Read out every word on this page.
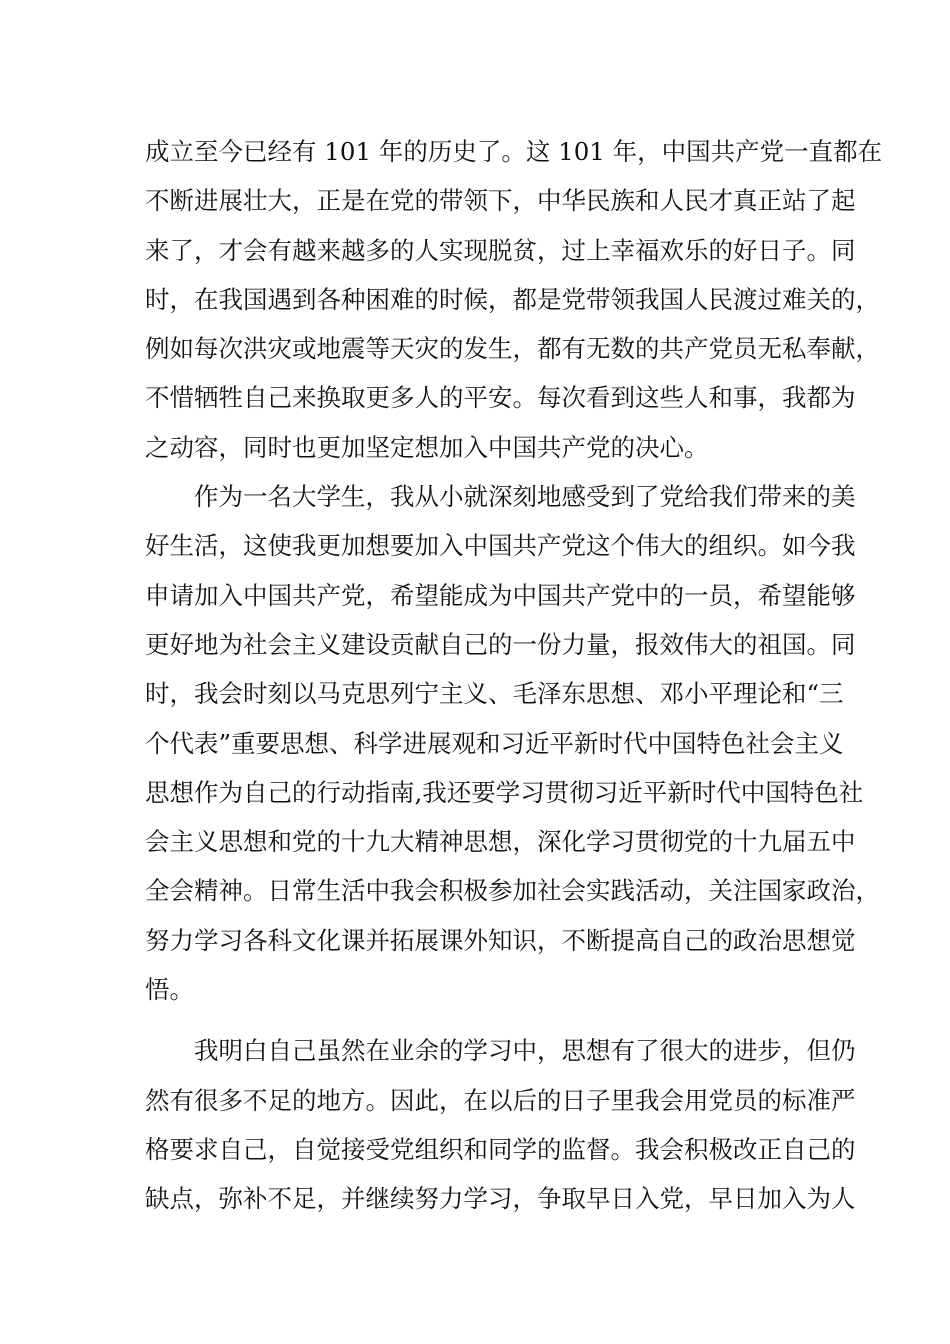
成立至今已经有 101 年的历史了。这 101 年，中国共产党一直都在
不断进展壮大，正是在党的带领下，中华民族和人民才真正站了起
来了，才会有越来越多的人实现脱贫，过上幸福欢乐的好日子。同
时，在我国遇到各种困难的时候，都是党带领我国人民渡过难关的，
例如每次洪灾或地震等天灾的发生，都有无数的共产党员无私奉献，
不惜牺牲自己来换取更多人的平安。每次看到这些人和事，我都为
之动容，同时也更加坚定想加入中国共产党的决心。
　　作为一名大学生，我从小就深刻地感受到了党给我们带来的美
好生活，这使我更加想要加入中国共产党这个伟大的组织。如今我
申请加入中国共产党，希望能成为中国共产党中的一员，希望能够
更好地为社会主义建设贡献自己的一份力量，报效伟大的祖国。同
时，我会时刻以马克思列宁主义、毛泽东思想、邓小平理论和“三
个代表”重要思想、科学进展观和习近平新时代中国特色社会主义
思想作为自己的行动指南,我还要学习贯彻习近平新时代中国特色社
会主义思想和党的十九大精神思想，深化学习贯彻党的十九届五中
全会精神。日常生活中我会积极参加社会实践活动，关注国家政治，
努力学习各科文化课并拓展课外知识，不断提高自己的政治思想觉
悟。
　　我明白自己虽然在业余的学习中，思想有了很大的进步，但仍
然有很多不足的地方。因此，在以后的日子里我会用党员的标准严
格要求自己，自觉接受党组织和同学的监督。我会积极改正自己的
缺点，弥补不足，并继续努力学习，争取早日入党，早日加入为人
